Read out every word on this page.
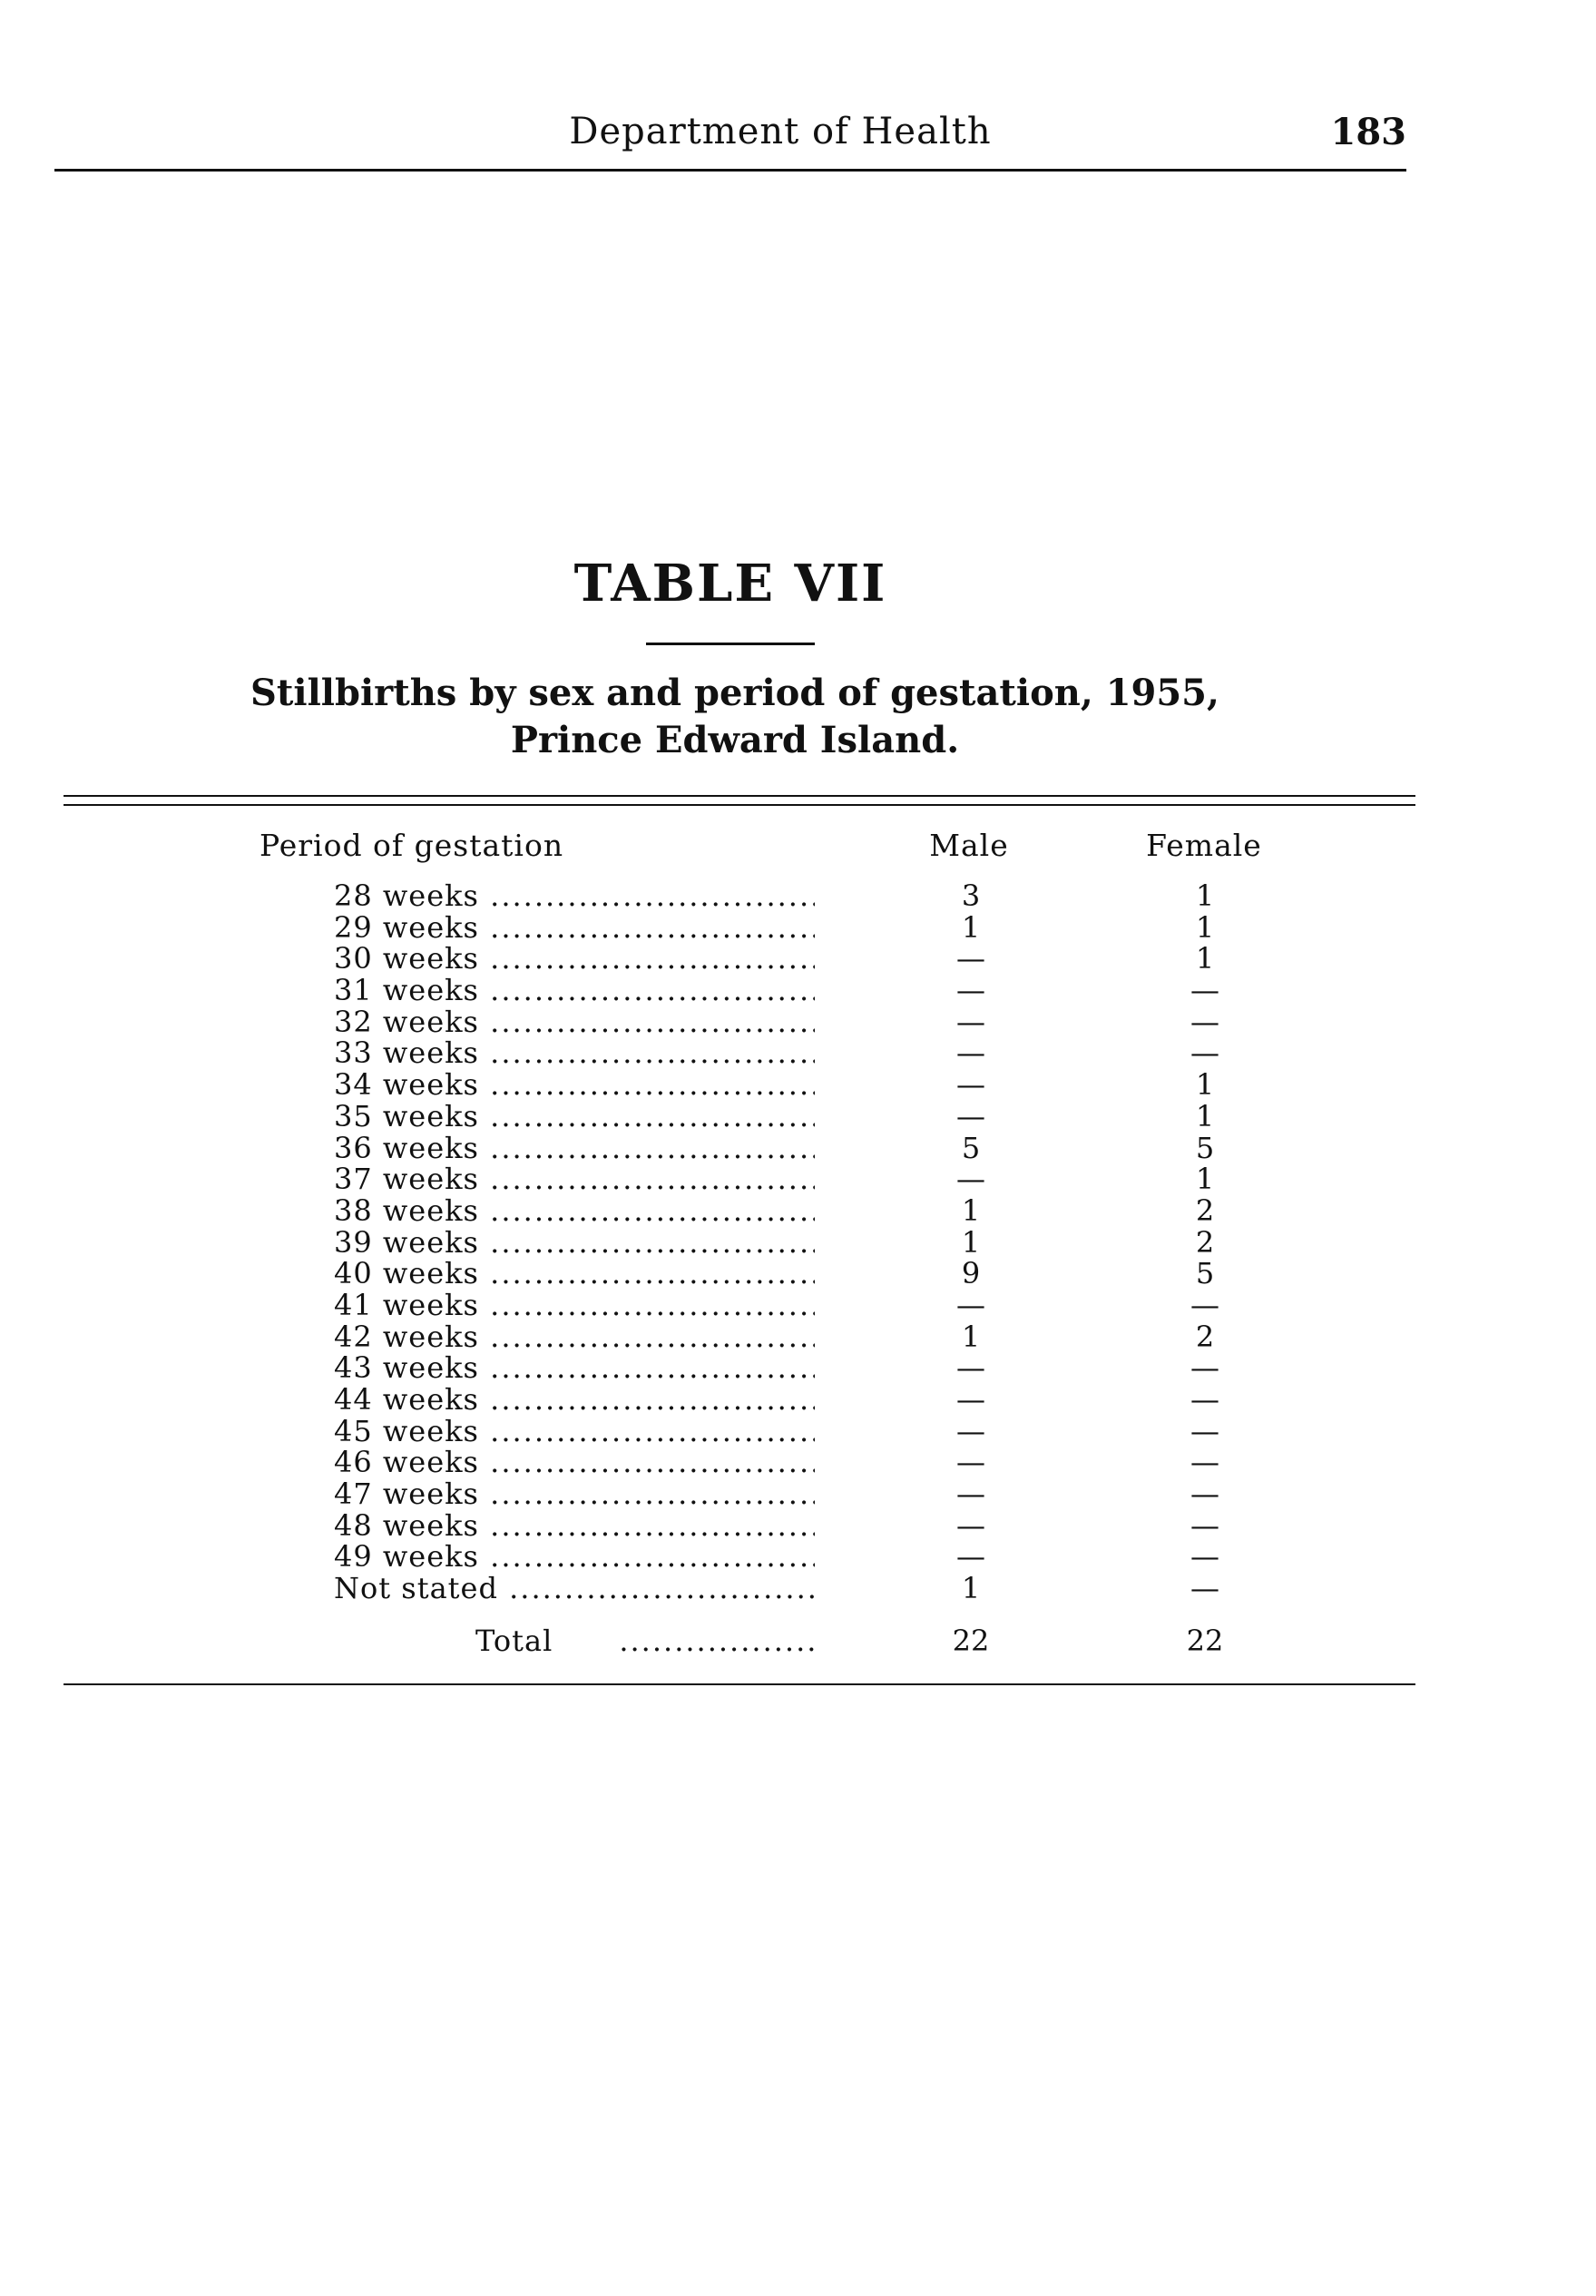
Department of Health	183
TABLE VII
Stillbirths by sex and period of gestation, 1955,
Prince Edward Island.
Period of gestation	Male	Female
28 weeks .....	3	1
29 weeks .....	1	1
30 weeks .....	—	1
31 weeks .....	—	—
32 weeks .....	—	—
33 weeks .....	—	—
34 weeks .....	—	1
35 weeks .....	—	1
36 weeks .....	5	5
37 weeks .....	—	1
38 weeks .....	1	2
39 weeks .....	1	2
40 weeks .....	9	5
41 weeks .....	—	—
42 weeks .....	1	2
43 weeks .....	—	—
44 weeks .....	—	—
45 weeks .....	—	—
46 weeks .....	—	—
47 weeks .....	—	—
48 weeks .....	—	—
49 weeks .....	—	—
Not stated .....	1	—
Total .....	22	22
